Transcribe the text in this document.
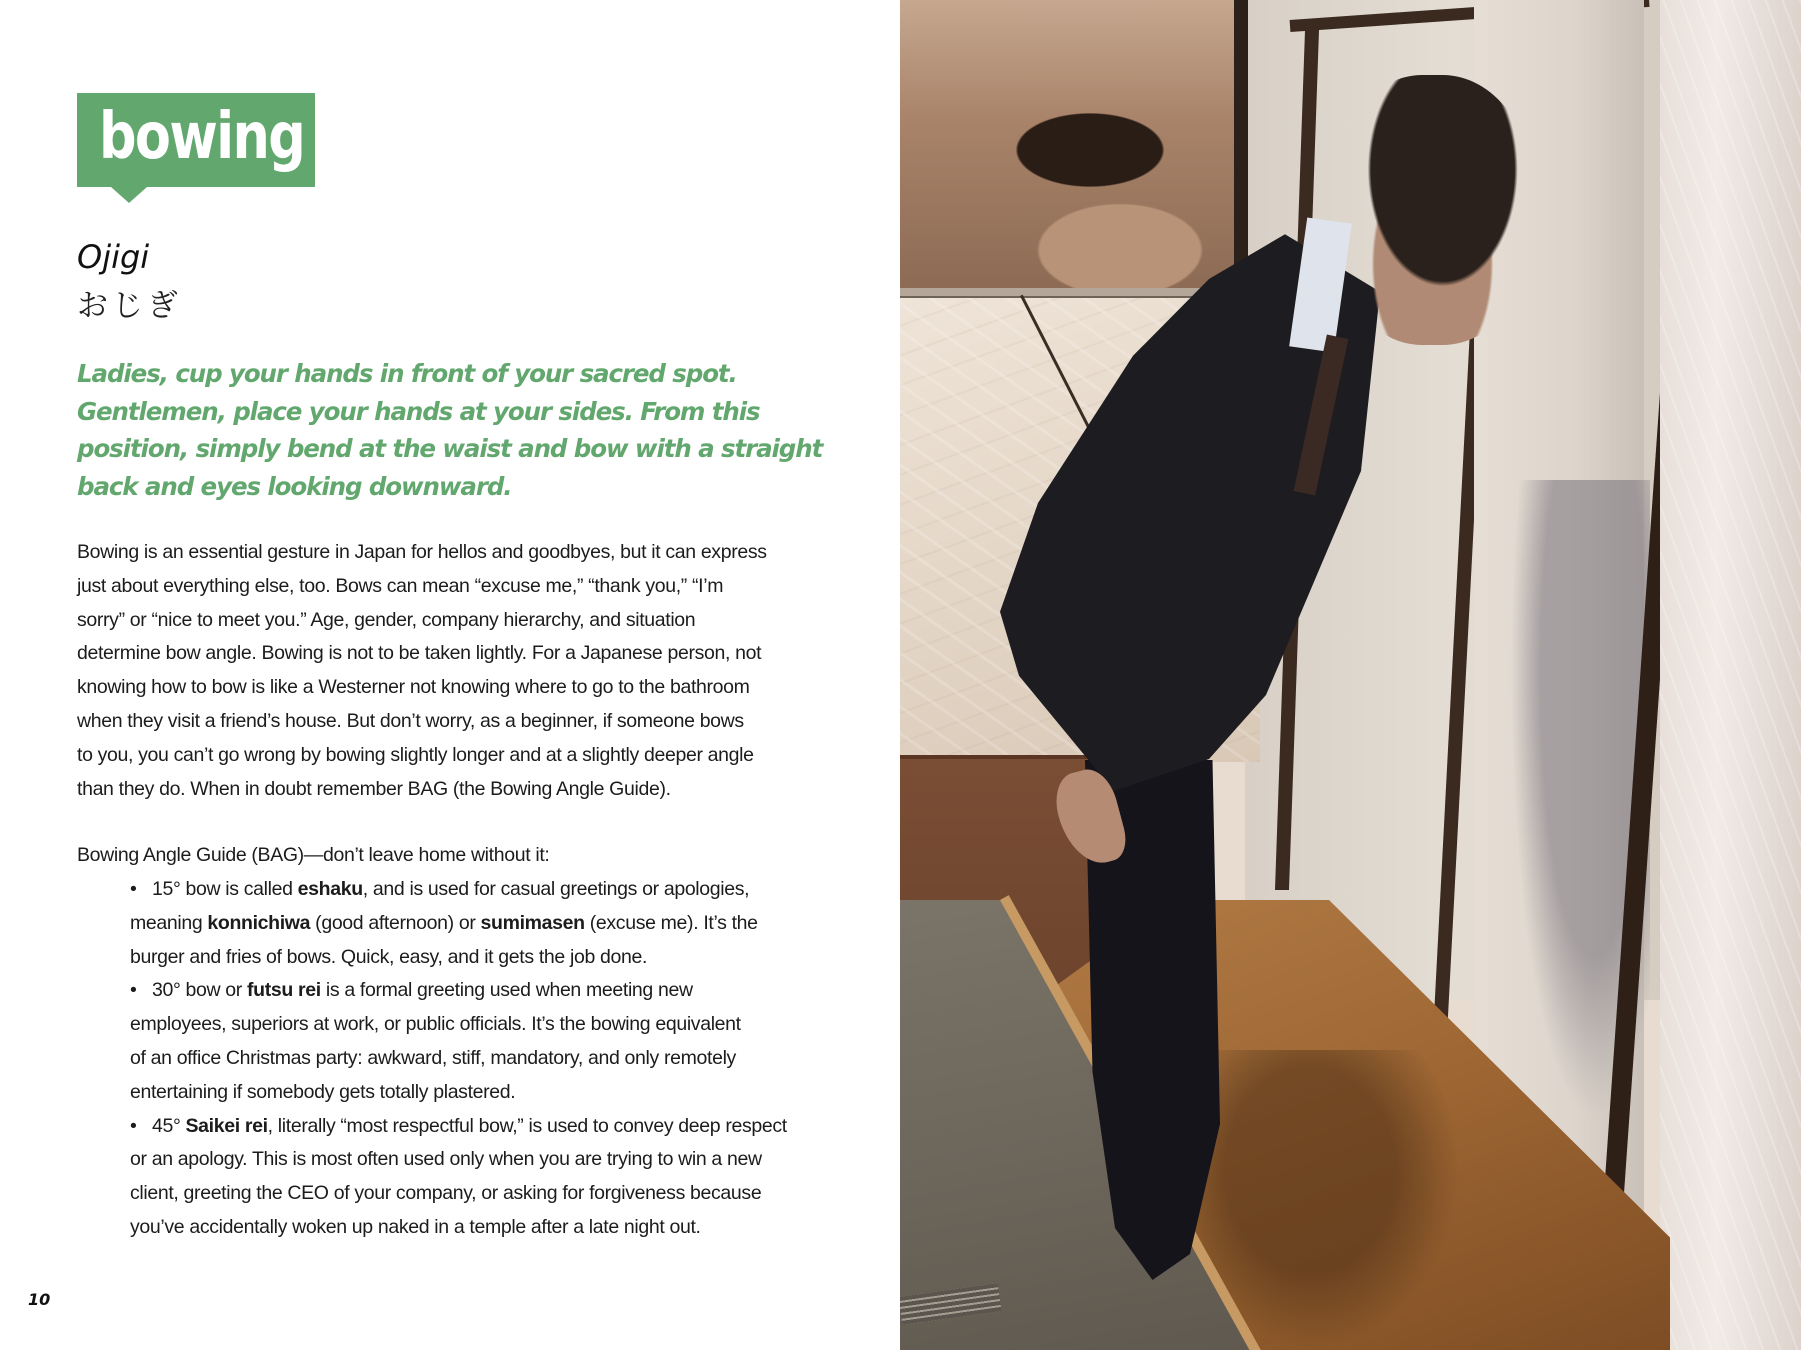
bowing
Ojigi
おじぎ
Ladies, cup your hands in front of your sacred spot.
Gentlemen, place your hands at your sides. From this
position, simply bend at the waist and bow with a straight
back and eyes looking downward.
Bowing is an essential gesture in Japan for hellos and goodbyes, but it can express
just about everything else, too. Bows can mean “excuse me,” “thank you,” “I’m
sorry” or “nice to meet you.” Age, gender, company hierarchy, and situation
determine bow angle. Bowing is not to be taken lightly. For a Japanese person, not
knowing how to bow is like a Westerner not knowing where to go to the bathroom
when they visit a friend’s house. But don’t worry, as a beginner, if someone bows
to you, you can’t go wrong by bowing slightly longer and at a slightly deeper angle
than they do. When in doubt remember BAG (the Bowing Angle Guide).
Bowing Angle Guide (BAG)—don’t leave home without it:
• 15° bow is called eshaku, and is used for casual greetings or apologies,
meaning konnichiwa (good afternoon) or sumimasen (excuse me). It’s the
burger and fries of bows. Quick, easy, and it gets the job done.
• 30° bow or futsu rei is a formal greeting used when meeting new
employees, superiors at work, or public officials. It’s the bowing equivalent
of an office Christmas party: awkward, stiff, mandatory, and only remotely
entertaining if somebody gets totally plastered.
• 45° Saikei rei, literally “most respectful bow,” is used to convey deep respect
or an apology. This is most often used only when you are trying to win a new
client, greeting the CEO of your company, or asking for forgiveness because
you’ve accidentally woken up naked in a temple after a late night out.
10
